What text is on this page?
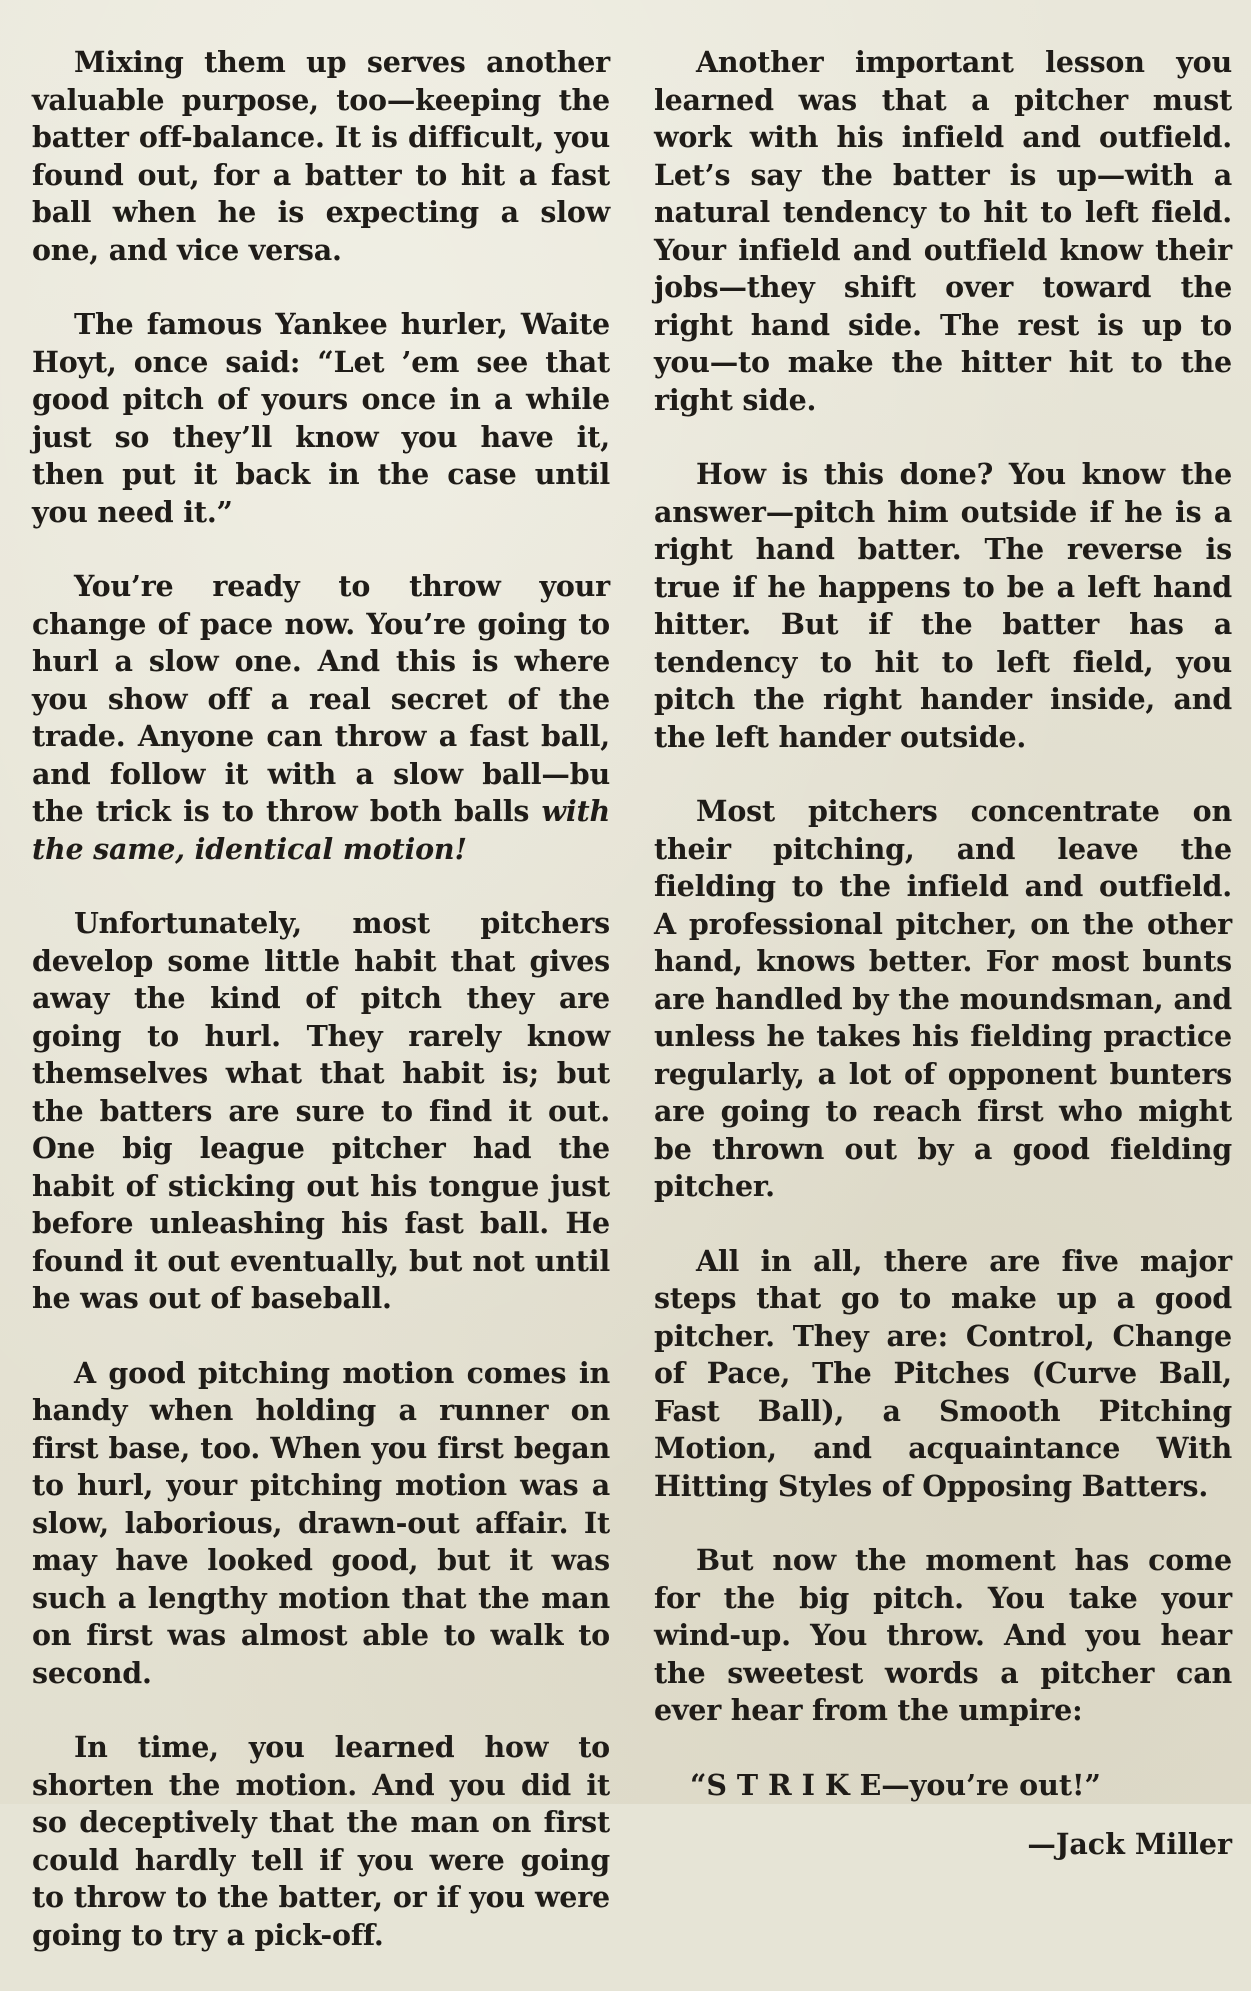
Mixing them up serves another valuable purpose, too—keeping the batter off-balance. It is difficult, you found out, for a batter to hit a fast ball when he is expecting a slow one, and vice versa.

The famous Yankee hurler, Waite Hoyt, once said: “Let ’em see that good pitch of yours once in a while just so they’ll know you have it, then put it back in the case until you need it.”

You’re ready to throw your change of pace now. You’re going to hurl a slow one. And this is where you show off a real secret of the trade. Anyone can throw a fast ball, and follow it with a slow ball—bu the trick is to throw both balls with the same, identical motion!

Unfortunately, most pitchers develop some little habit that gives away the kind of pitch they are going to hurl. They rarely know themselves what that habit is; but the batters are sure to find it out. One big league pitcher had the habit of sticking out his tongue just before unleashing his fast ball. He found it out eventually, but not until he was out of baseball.

A good pitching motion comes in handy when holding a runner on first base, too. When you first began to hurl, your pitching motion was a slow, laborious, drawn-out affair. It may have looked good, but it was such a lengthy motion that the man on first was almost able to walk to second.

In time, you learned how to shorten the motion. And you did it so deceptively that the man on first could hardly tell if you were going to throw to the batter, or if you were going to try a pick-off.

Another important lesson you learned was that a pitcher must work with his infield and outfield. Let’s say the batter is up—with a natural tendency to hit to left field. Your infield and outfield know their jobs—they shift over toward the right hand side. The rest is up to you—to make the hitter hit to the right side.

How is this done? You know the answer—pitch him outside if he is a right hand batter. The reverse is true if he happens to be a left hand hitter. But if the batter has a tendency to hit to left field, you pitch the right hander inside, and the left hander outside.

Most pitchers concentrate on their pitching, and leave the fielding to the infield and outfield. A professional pitcher, on the other hand, knows better. For most bunts are handled by the moundsman, and unless he takes his fielding practice regularly, a lot of opponent bunters are going to reach first who might be thrown out by a good fielding pitcher.

All in all, there are five major steps that go to make up a good pitcher. They are: Control, Change of Pace, The Pitches (Curve Ball, Fast Ball), a Smooth Pitching Motion, and acquaintance With Hitting Styles of Opposing Batters.

But now the moment has come for the big pitch. You take your wind-up. You throw. And you hear the sweetest words a pitcher can ever hear from the umpire:

“S T R I K E—you’re out!”

—Jack Miller
